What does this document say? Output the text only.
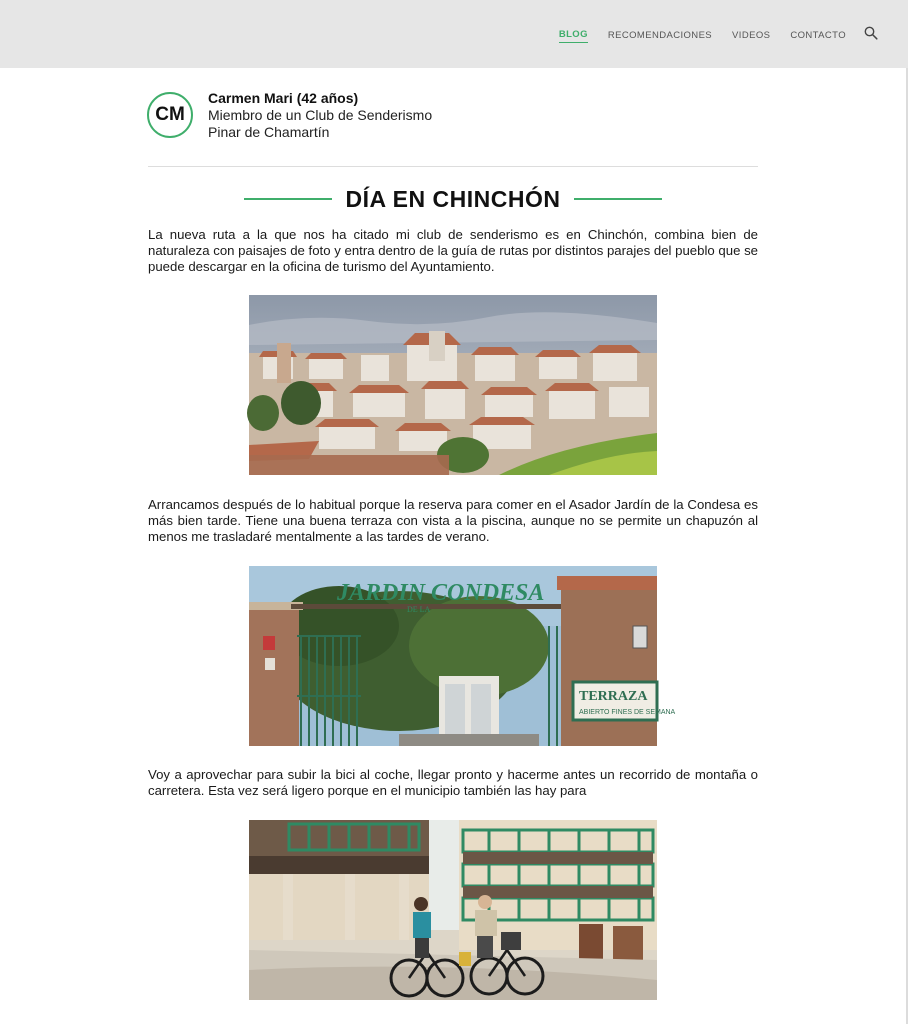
BLOG RECOMENDACIONES VIDEOS CONTACTO
CM
Carmen Mari (42 años)
Miembro de un Club de Senderismo
Pinar de Chamartín
DÍA EN CHINCHÓN

La nueva ruta a la que nos ha citado mi club de senderismo es en Chinchón, combina bien de naturaleza con paisajes de foto y entra dentro de la guía de rutas por distintos parajes del pueblo que se puede descargar en la oficina de turismo del Ayuntamiento.

Arrancamos después de lo habitual porque la reserva para comer en el Asador Jardín de la Condesa es más bien tarde. Tiene una buena terraza con vista a la piscina, aunque no se permite un chapuzón al menos me trasladaré mentalmente a las tardes de verano.

TERRAZA
ABIERTO FINES DE SEMANA
JARDIN CONDESA
DE LA

Voy a aprovechar para subir la bici al coche, llegar pronto y hacerme antes un recorrido de montaña o carretera. Esta vez será ligero porque en el municipio también las hay para
